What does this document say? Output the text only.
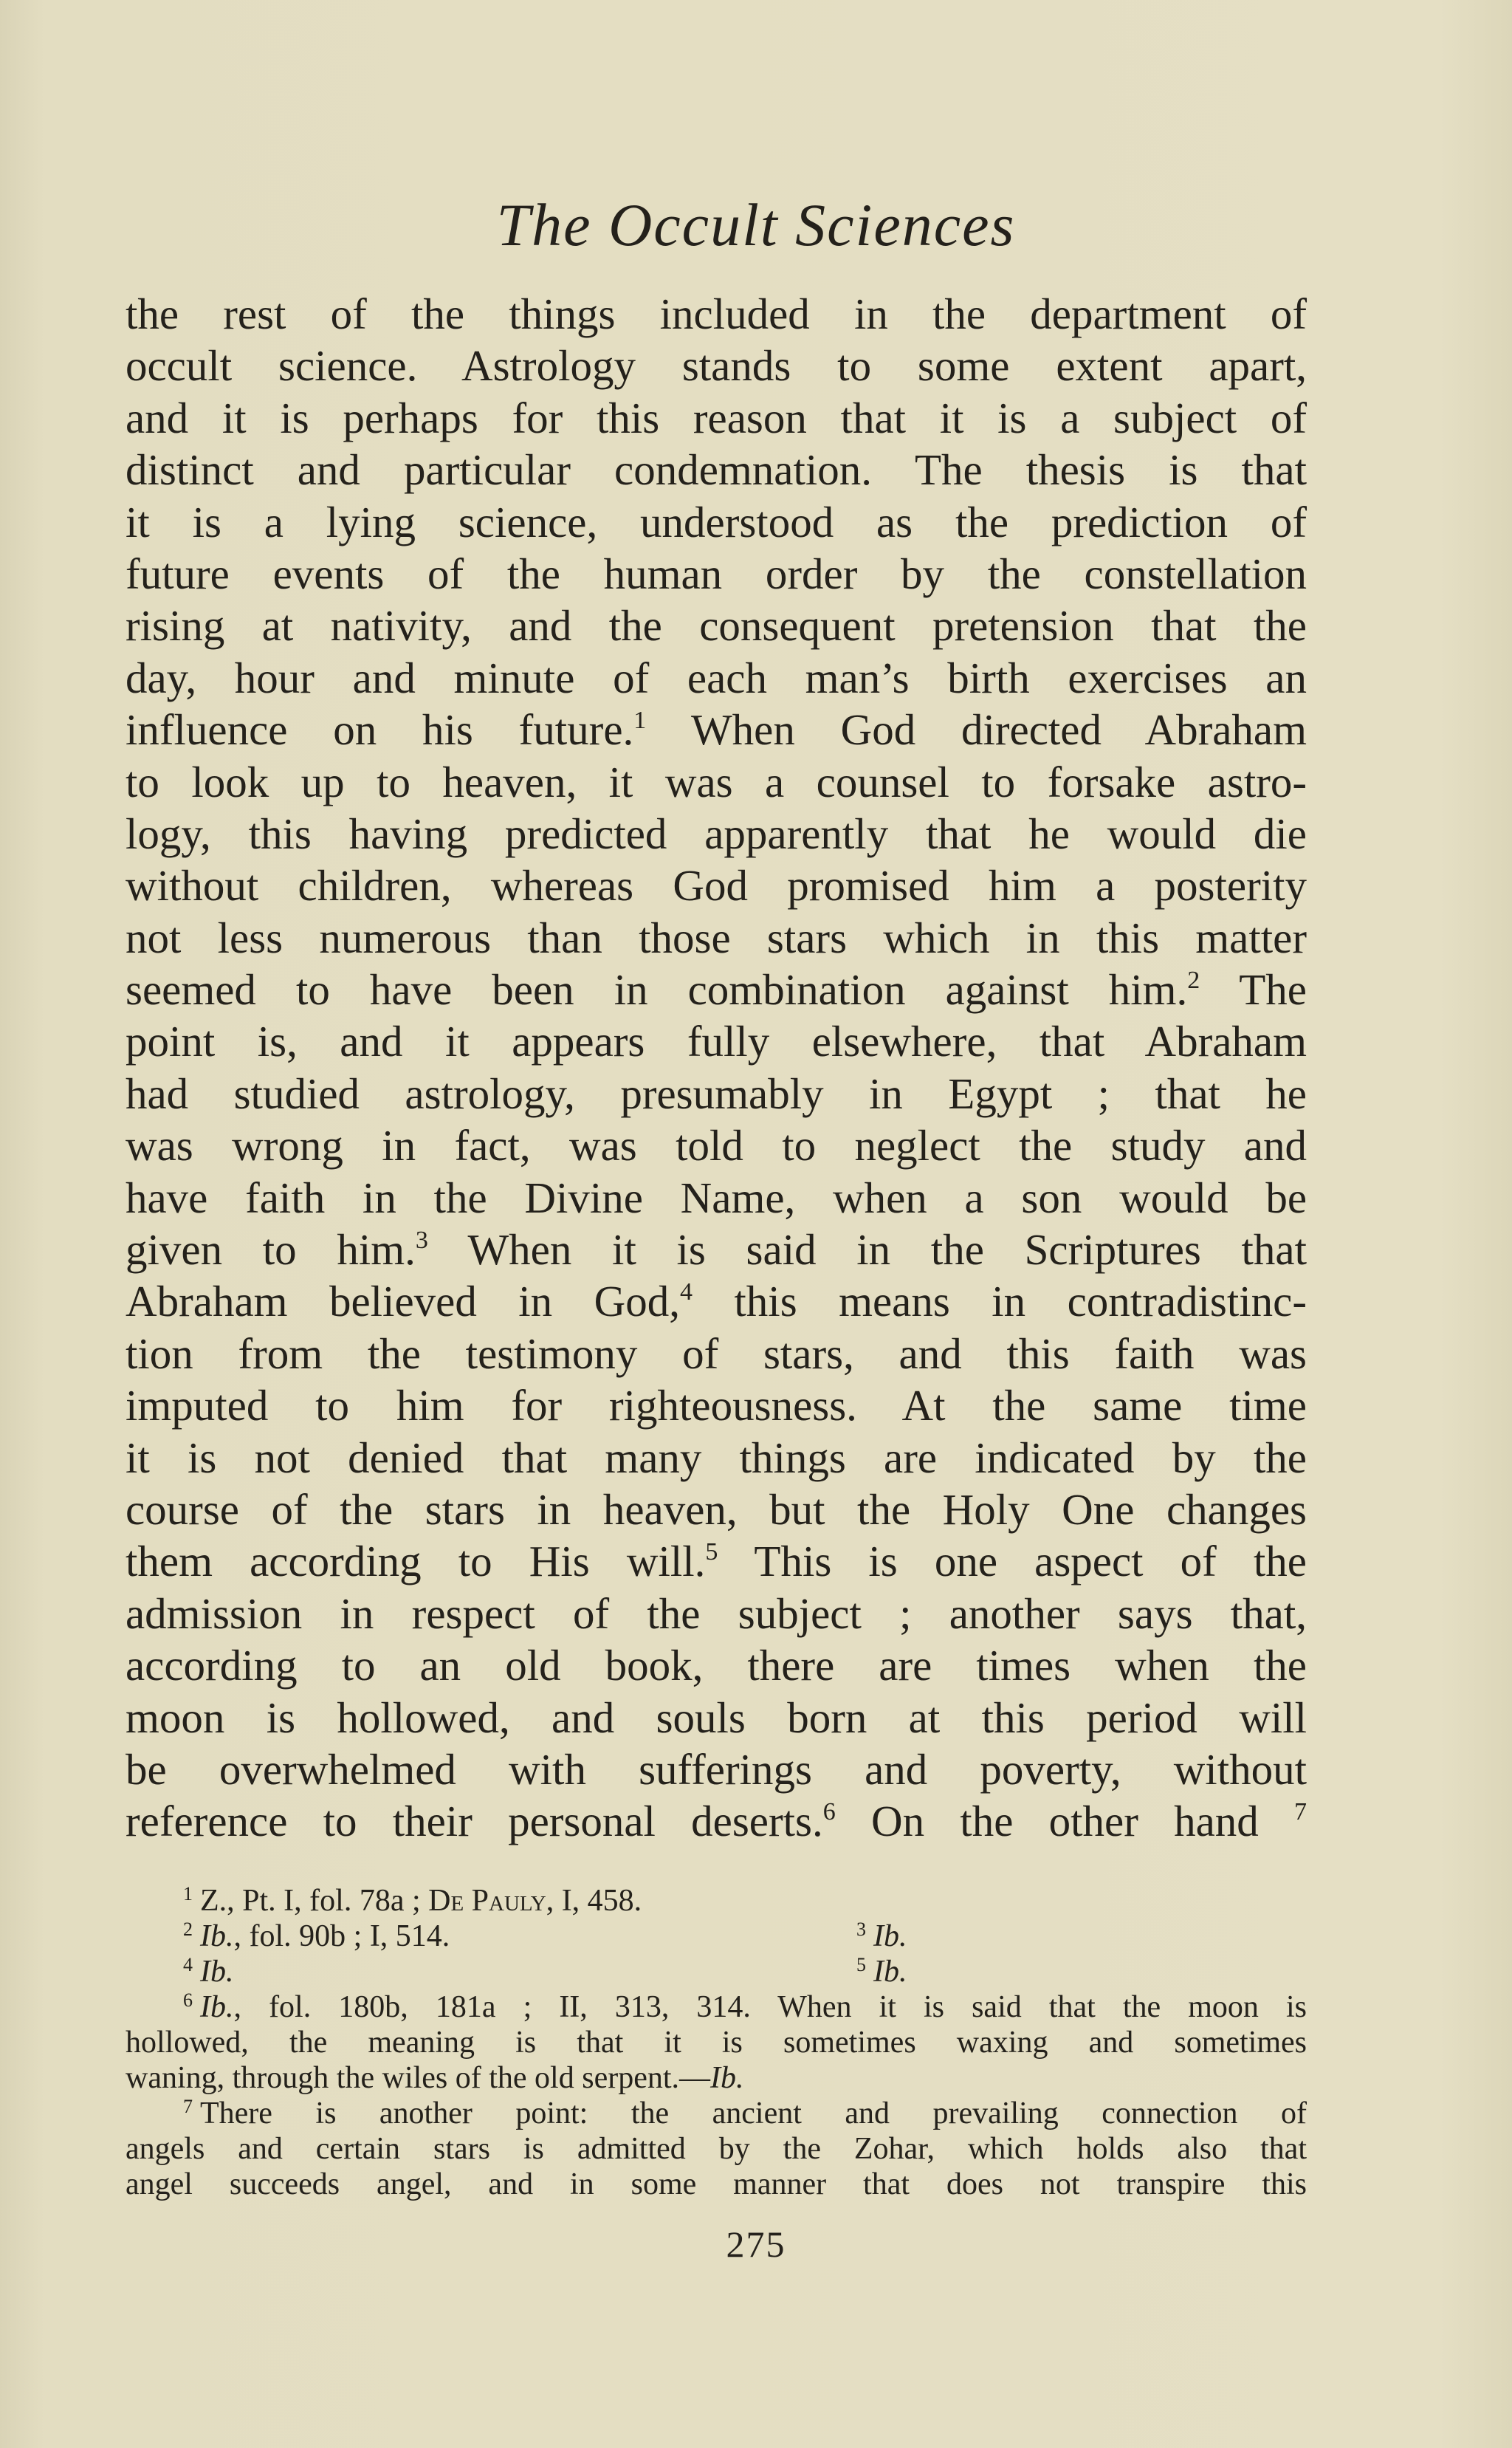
The Occult Sciences
the rest of the things included in the department of
occult science. Astrology stands to some extent apart,
and it is perhaps for this reason that it is a subject of
distinct and particular condemnation. The thesis is that
it is a lying science, understood as the prediction of
future events of the human order by the constellation
rising at nativity, and the consequent pretension that the
day, hour and minute of each man’s birth exercises an
influence on his future.$^1$ When God directed Abraham
to look up to heaven, it was a counsel to forsake astro-
logy, this having predicted apparently that he would die
without children, whereas God promised him a posterity
not less numerous than those stars which in this matter
seemed to have been in combination against him.$^2$ The
point is, and it appears fully elsewhere, that Abraham
had studied astrology, presumably in Egypt ; that he
was wrong in fact, was told to neglect the study and
have faith in the Divine Name, when a son would be
given to him.$^3$ When it is said in the Scriptures that
Abraham believed in God,$^4$ this means in contradistinc-
tion from the testimony of stars, and this faith was
imputed to him for righteousness. At the same time
it is not denied that many things are indicated by the
course of the stars in heaven, but the Holy One changes
them according to His will.$^5$ This is one aspect of the
admission in respect of the subject ; another says that,
according to an old book, there are times when the
moon is hollowed, and souls born at this period will
be overwhelmed with sufferings and poverty, without
reference to their personal deserts.$^6$ On the other hand $^7$
$^1$ Z., Pt. I, fol. 78a ; De Pauly, I, 458.
$^2$ Ib., fol. 90b ; I, 514.	$^3$ Ib.
$^4$ Ib.	$^5$ Ib.
$^6$ Ib., fol. 180b, 181a ; II, 313, 314. When it is said that the moon is
hollowed, the meaning is that it is sometimes waxing and sometimes
waning, through the wiles of the old serpent.—Ib.
$^7$ There is another point: the ancient and prevailing connection of
angels and certain stars is admitted by the Zohar, which holds also that
angel succeeds angel, and in some manner that does not transpire this
275
